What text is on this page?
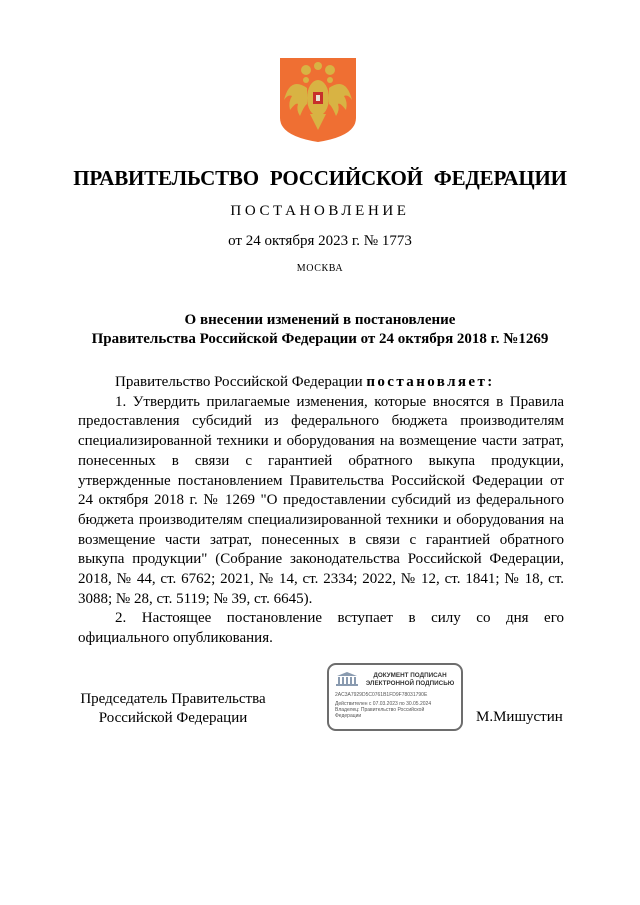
ПРАВИТЕЛЬСТВО РОССИЙСКОЙ ФЕДЕРАЦИИ
ПОСТАНОВЛЕНИЕ
от 24 октября 2023 г. № 1773
МОСКВА
О внесении изменений в постановление
Правительства Российской Федерации от 24 октября 2018 г. №1269

Правительство Российской Федерации постановляет:

1. Утвердить прилагаемые изменения, которые вносятся в Правила предоставления субсидий из федерального бюджета производителям специализированной техники и оборудования на возмещение части затрат, понесенных в связи с гарантией обратного выкупа продукции, утвержденные постановлением Правительства Российской Федерации от 24 октября 2018 г. № 1269 "О предоставлении субсидий из федерального бюджета производителям специализированной техники и оборудования на возмещение части затрат, понесенных в связи с гарантией обратного выкупа продукции" (Собрание законодательства Российской Федерации, 2018, № 44, ст. 6762; 2021, № 14, ст. 2334; 2022, № 12, ст. 1841; № 18, ст. 3088; № 28, ст. 5119; № 39, ст. 6645).

2. Настоящее постановление вступает в силу со дня его официального опубликования.

Председатель Правительства
Российской Федерации
ДОКУМЕНТ ПОДПИСАН
ЭЛЕКТРОННОЙ ПОДПИСЬЮ
2AC3A7929D5C0761B1FD9F78031790E
Действителен с 07.03.2023 по 30.05.2024
Владелец: Правительство Российской Федерации	М.Мишустин
